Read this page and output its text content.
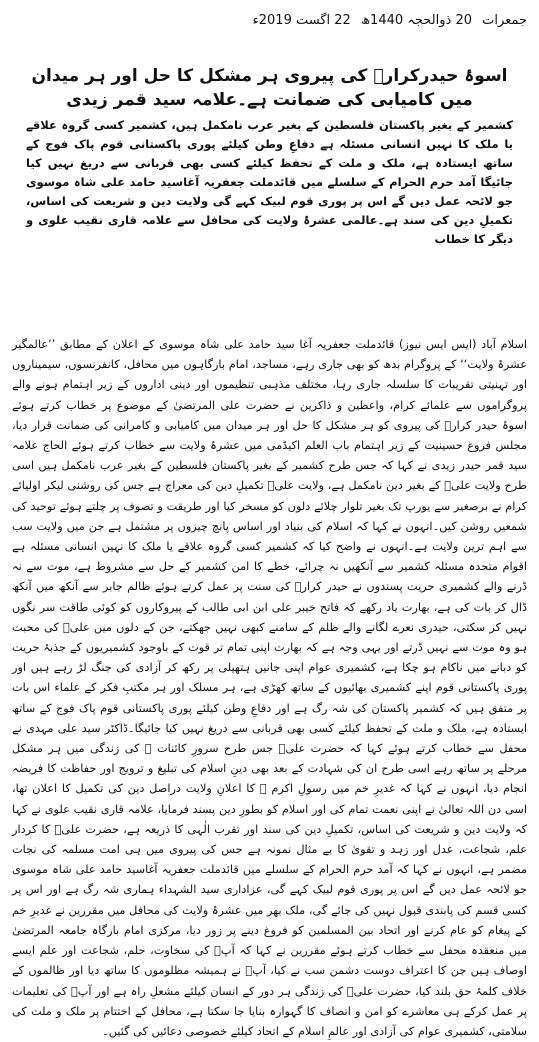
جمعرات 20 ذوالحجہ 1440ھ 22 اگست 2019ء
اسوۂ حیدرکرارؑ کی پیروی ہر مشکل کا حل اور ہر میدان میں کامیابی کی ضمانت ہے۔علامہ سید قمر زیدی

کشمیر کے بغیر پاکستان فلسطین کے بغیر عرب نامکمل ہیں، کشمیر کسی گروہ علاقے یا ملک کا نہیں انسانی مسئلہ ہے دفاعِ وطن کیلئے پوری پاکستانی قوم پاک فوج کے ساتھ ایستادہ ہے، ملک و ملت کے تحفظ کیلئے کسی بھی قربانی سے دریغ نہیں کیا جائیگا آمد حرم الحرام کے سلسلے میں قائدملت جعفریہ آغاسید حامد علی شاہ موسوی جو لائحہ عمل دیں گے اس پر پوری قوم لبیک کہے گی ولایت دین و شریعت کی اساس، تکمیلِ دین کی سند ہے۔عالمی عشرۂ ولایت کی محافل سے علامہ قاری نقیب علوی و دیگر کا خطاب

اسلام آباد (ایس ایس نیوز) قائدملت جعفریہ آغا سید حامد علی شاہ موسوی کے اعلان کے مطابق ’’عالمگیر عشرۂ ولایت‘‘ کے پروگرام بدھ کو بھی جاری رہے، مساجد، امام بارگاہوں میں محافل، کانفرنسوں، سیمیناروں اور تہنیتی تقریبات کا سلسلہ جاری رہا، مختلف مذہبی تنظیموں اور دینی اداروں کے زیر اہتمام ہونے والے پروگراموں سے علمائے کرام، واعظین و ذاکرین نے حضرت علی المرتضیٰ کے موضوع پر خطاب کرتے ہوئے اسوۂ حیدر کرارؑ کی پیروی کو ہر مشکل کا حل اور ہر میدان میں کامیابی و کامرانی کی ضمانت قرار دیا، مجلس فروغ حسینیت کے زیر اہتمام باب العلم اکیڈمی میں عشرۂ ولایت سے خطاب کرتے ہوئے الحاج علامہ سید قمر حیدر زیدی نے کہا کہ جس طرح کشمیر کے بغیر پاکستان فلسطین کے بغیر عرب نامکمل ہیں اسی طرح ولایت علیؑ کے بغیر دین نامکمل ہے، ولایت علیؑ تکمیلِ دین کی معراج ہے جس کی روشنی لیکر اولیائے کرام نے برصغیر سے یورپ تک بغیر تلوار چلائے دلوں کو مسخر کیا اور طریقت و تصوف پر چلتے ہوئے توحید کی شمعیں روشن کیں۔انہوں نے کہا کہ اسلام کی بنیاد اور اساس پانچ چیزوں پر مشتمل ہے جن میں ولایت سب سے اہم ترین ولایت ہے۔انہوں نے واضح کیا کہ کشمیر کسی گروہ علاقے یا ملک کا نہیں انسانی مسئلہ ہے اقوام متحدہ مسئلہ کشمیر سے آنکھیں نہ چرائے، خطے کا امن کشمیر کے حل سے مشروط ہے، موت سے نہ ڈرنے والے کشمیری حریت پسندوں نے حیدر کرارؑ کی سنت پر عمل کرتے ہوئے ظالم جابر سے آنکھ میں آنکھ ڈال کر بات کی ہے، بھارت یاد رکھے کہ فاتح خیبر علی ابن ابی طالب کے پیروکاروں کو کوئی طاقت سر نگوں نہیں کر سکتی، حیدری نعرے لگانے والے ظلم کے سامنے کبھی نہیں جھکتے، جن کے دلوں میں علیؑ کی محبت ہو وہ موت سے نہیں ڈرتے اور یہی وجہ ہے کہ بھارت اپنی تمام تر قوت کے باوجود کشمیریوں کے جذبۂ حریت کو دبانے میں ناکام ہو چکا ہے، کشمیری عوام اپنی جانیں ہتھیلی پر رکھ کر آزادی کی جنگ لڑ رہے ہیں اور پوری پاکستانی قوم اپنے کشمیری بھائیوں کے ساتھ کھڑی ہے، ہر مسلک اور ہر مکتبِ فکر کے علماء اس بات پر متفق ہیں کہ کشمیر پاکستان کی شہ رگ ہے اور دفاعِ وطن کیلئے پوری پاکستانی قوم پاک فوج کے ساتھ ایستادہ ہے، ملک و ملت کے تحفظ کیلئے کسی بھی قربانی سے دریغ نہیں کیا جائیگا۔ڈاکٹر سید علی مہدی نے محفل سے خطاب کرتے ہوئے کہا کہ حضرت علیؑ جس طرح سرورِ کائنات ﷺ کی زندگی میں ہر مشکل مرحلے پر ساتھ رہے اسی طرح ان کی شہادت کے بعد بھی دینِ اسلام کی تبلیغ و ترویج اور حفاظت کا فریضہ انجام دیا، انہوں نے کہا کہ غدیرِ خم میں رسولِ اکرم ﷺ کا اعلانِ ولایت دراصل دین کی تکمیل کا اعلان تھا، اسی دن اللہ تعالیٰ نے اپنی نعمت تمام کی اور اسلام کو بطورِ دین پسند فرمایا، علامہ قاری نقیب علوی نے کہا کہ ولایت دین و شریعت کی اساس، تکمیلِ دین کی سند اور تقرب الٰہی کا ذریعہ ہے، حضرت علیؑ کا کردار علم، شجاعت، عدل اور زہد و تقویٰ کا بے مثال نمونہ ہے جس کی پیروی میں ہی امت مسلمہ کی نجات مضمر ہے، انہوں نے کہا کہ آمد حرم الحرام کے سلسلے میں قائدملت جعفریہ آغاسید حامد علی شاہ موسوی جو لائحہ عمل دیں گے اس پر پوری قوم لبیک کہے گی، عزاداری سید الشہداء ہماری شہ رگ ہے اور اس پر کسی قسم کی پابندی قبول نہیں کی جائے گی، ملک بھر میں عشرۂ ولایت کی محافل میں مقررین نے غدیرِ خم کے پیغام کو عام کرنے اور اتحاد بین المسلمین کو فروغ دینے پر زور دیا، مرکزی امام بارگاہ جامعہ المرتضیٰ میں منعقدہ محفل سے خطاب کرتے ہوئے مقررین نے کہا کہ آپؑ کی سخاوت، حلم، شجاعت اور علم ایسے اوصاف ہیں جن کا اعتراف دوست دشمن سب نے کیا، آپؑ نے ہمیشہ مظلوموں کا ساتھ دیا اور ظالموں کے خلاف کلمۂ حق بلند کیا، حضرت علیؑ کی زندگی ہر دور کے انسان کیلئے مشعلِ راہ ہے اور آپؑ کی تعلیمات پر عمل کرکے ہی معاشرے کو امن و انصاف کا گہوارہ بنایا جا سکتا ہے، محافل کے اختتام پر ملک و ملت کی سلامتی، کشمیری عوام کی آزادی اور عالمِ اسلام کے اتحاد کیلئے خصوصی دعائیں کی گئیں۔
